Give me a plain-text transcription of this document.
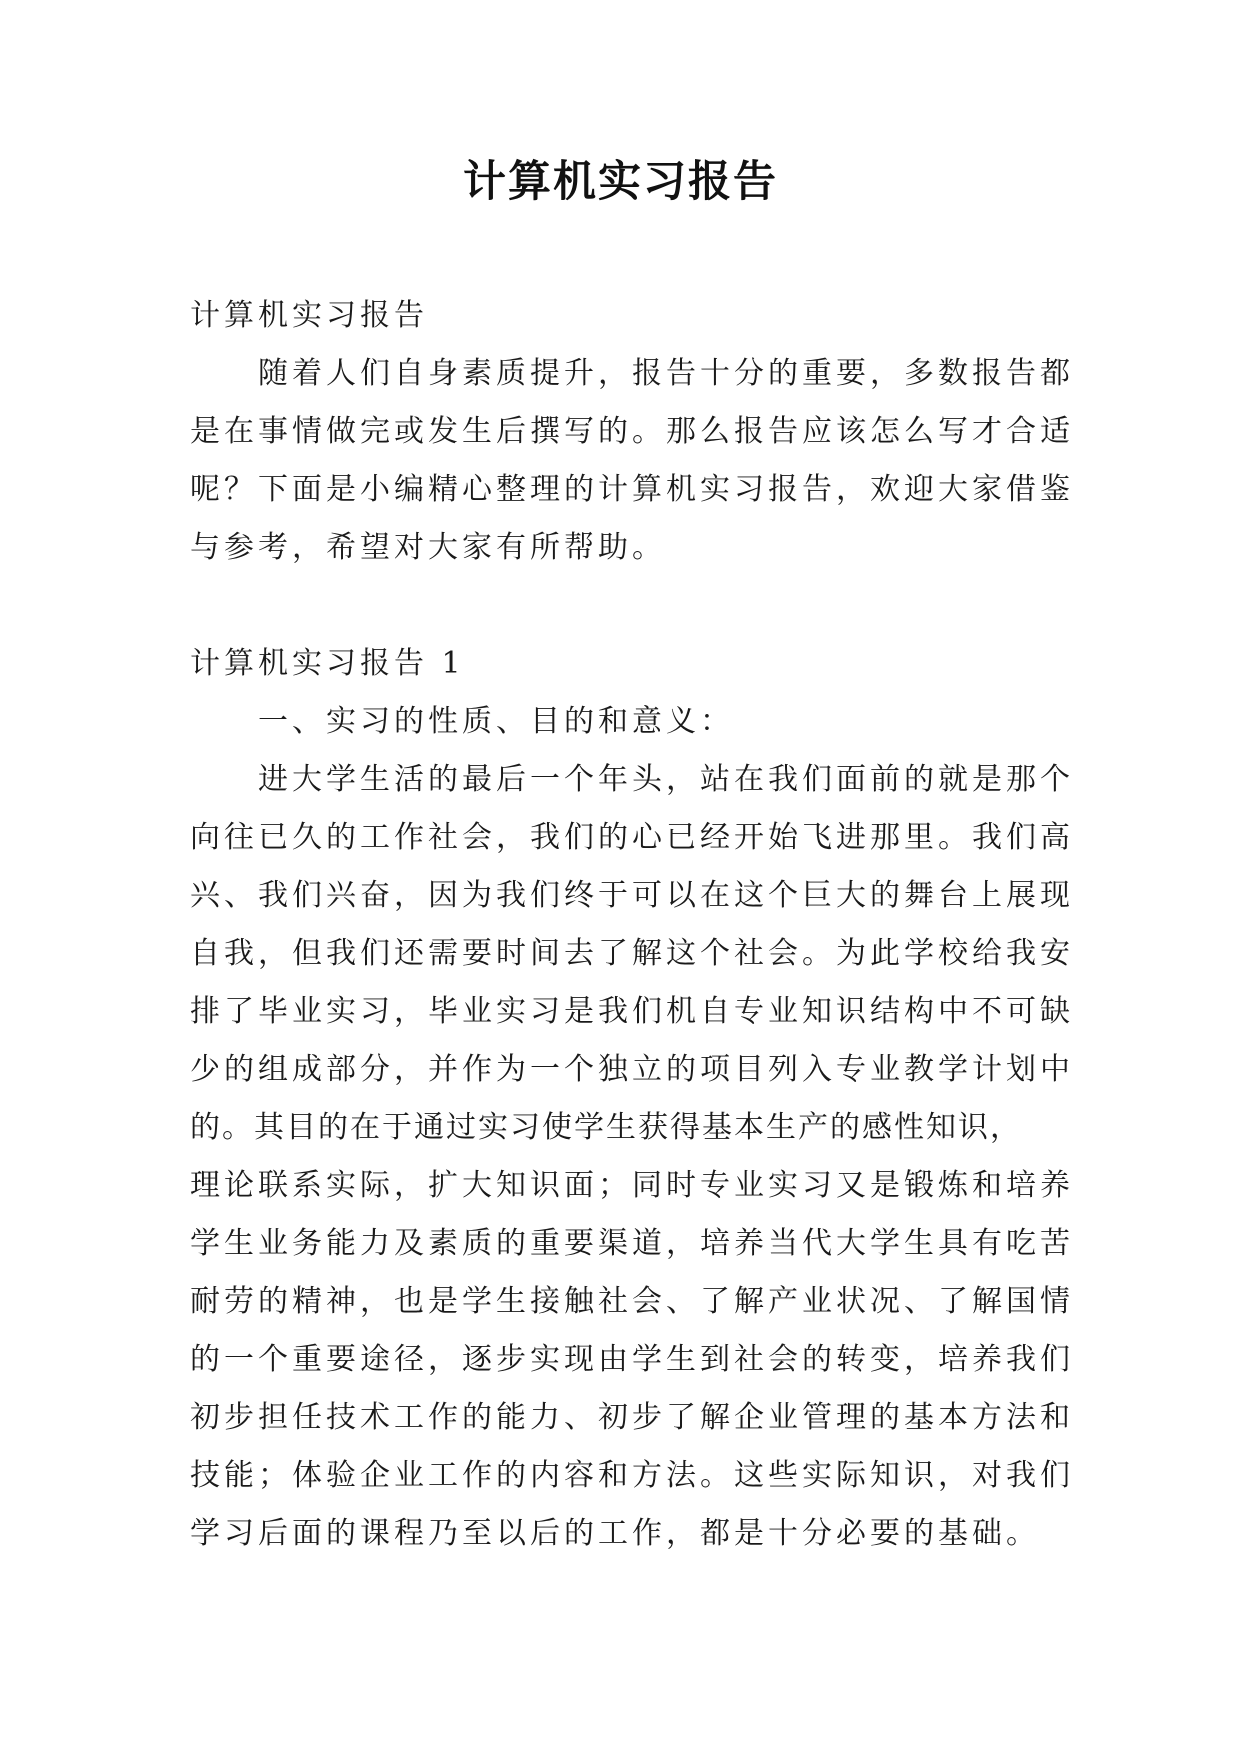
计算机实习报告

计算机实习报告

　　随着人们自身素质提升，报告十分的重要，多数报告都

是在事情做完或发生后撰写的。那么报告应该怎么写才合适

呢？下面是小编精心整理的计算机实习报告，欢迎大家借鉴

与参考，希望对大家有所帮助。

计算机实习报告 1

　　一、实习的性质、目的和意义：

　　进大学生活的最后一个年头，站在我们面前的就是那个

向往已久的工作社会，我们的心已经开始飞进那里。我们高

兴、我们兴奋，因为我们终于可以在这个巨大的舞台上展现

自我，但我们还需要时间去了解这个社会。为此学校给我安

排了毕业实习，毕业实习是我们机自专业知识结构中不可缺

少的组成部分，并作为一个独立的项目列入专业教学计划中

的。其目的在于通过实习使学生获得基本生产的感性知识，

理论联系实际，扩大知识面；同时专业实习又是锻炼和培养

学生业务能力及素质的重要渠道，培养当代大学生具有吃苦

耐劳的精神，也是学生接触社会、了解产业状况、了解国情

的一个重要途径，逐步实现由学生到社会的转变，培养我们

初步担任技术工作的能力、初步了解企业管理的基本方法和

技能；体验企业工作的内容和方法。这些实际知识，对我们

学习后面的课程乃至以后的工作，都是十分必要的基础。
